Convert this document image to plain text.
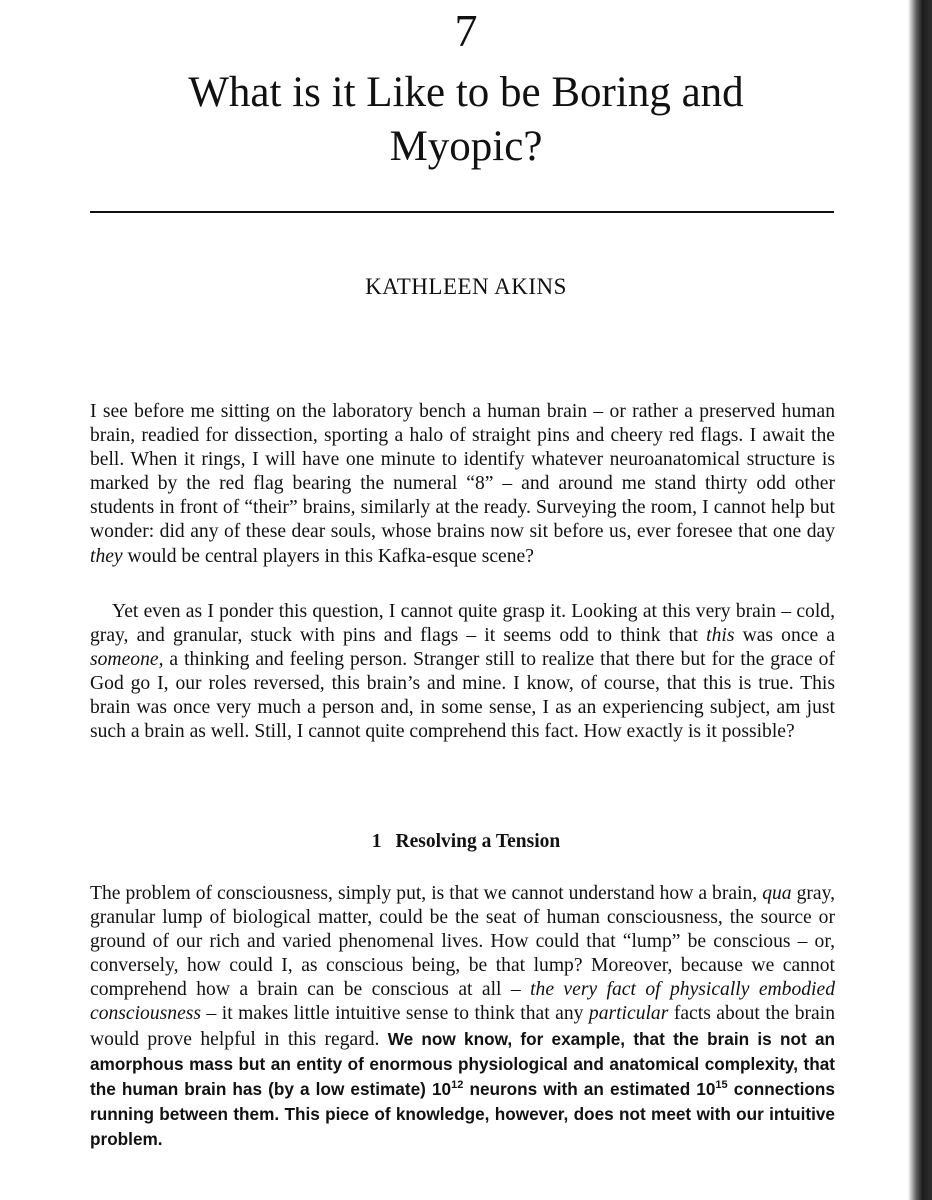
7
What is it Like to be Boring and
Myopic?
KATHLEEN AKINS

I see before me sitting on the laboratory bench a human brain – or rather a preserved human brain, readied for dissection, sporting a halo of straight pins and cheery red flags. I await the bell. When it rings, I will have one minute to identify whatever neuroanatomical structure is marked by the red flag bearing the numeral “8” – and around me stand thirty odd other students in front of “their” brains, similarly at the ready. Surveying the room, I cannot help but wonder: did any of these dear souls, whose brains now sit before us, ever foresee that one day they would be central players in this Kafka-esque scene?

Yet even as I ponder this question, I cannot quite grasp it. Looking at this very brain – cold, gray, and granular, stuck with pins and flags – it seems odd to think that this was once a someone, a thinking and feeling person. Stranger still to realize that there but for the grace of God go I, our roles reversed, this brain’s and mine. I know, of course, that this is true. This brain was once very much a person and, in some sense, I as an experiencing subject, am just such a brain as well. Still, I cannot quite comprehend this fact. How exactly is it possible?

1 Resolving a Tension

The problem of consciousness, simply put, is that we cannot understand how a brain, qua gray, granular lump of biological matter, could be the seat of human consciousness, the source or ground of our rich and varied phenomenal lives. How could that “lump” be conscious – or, conversely, how could I, as conscious being, be that lump? Moreover, because we cannot comprehend how a brain can be conscious at all – the very fact of physically embodied consciousness – it makes little intuitive sense to think that any particular facts about the brain would prove helpful in this regard. We now know, for example, that the brain is not an amorphous mass but an entity of enormous physiological and anatomical complexity, that the human brain has (by a low estimate) $10^{12}$ neurons with an estimated $10^{15}$ connections running between them. This piece of knowledge, however, does not meet with our intuitive problem.
